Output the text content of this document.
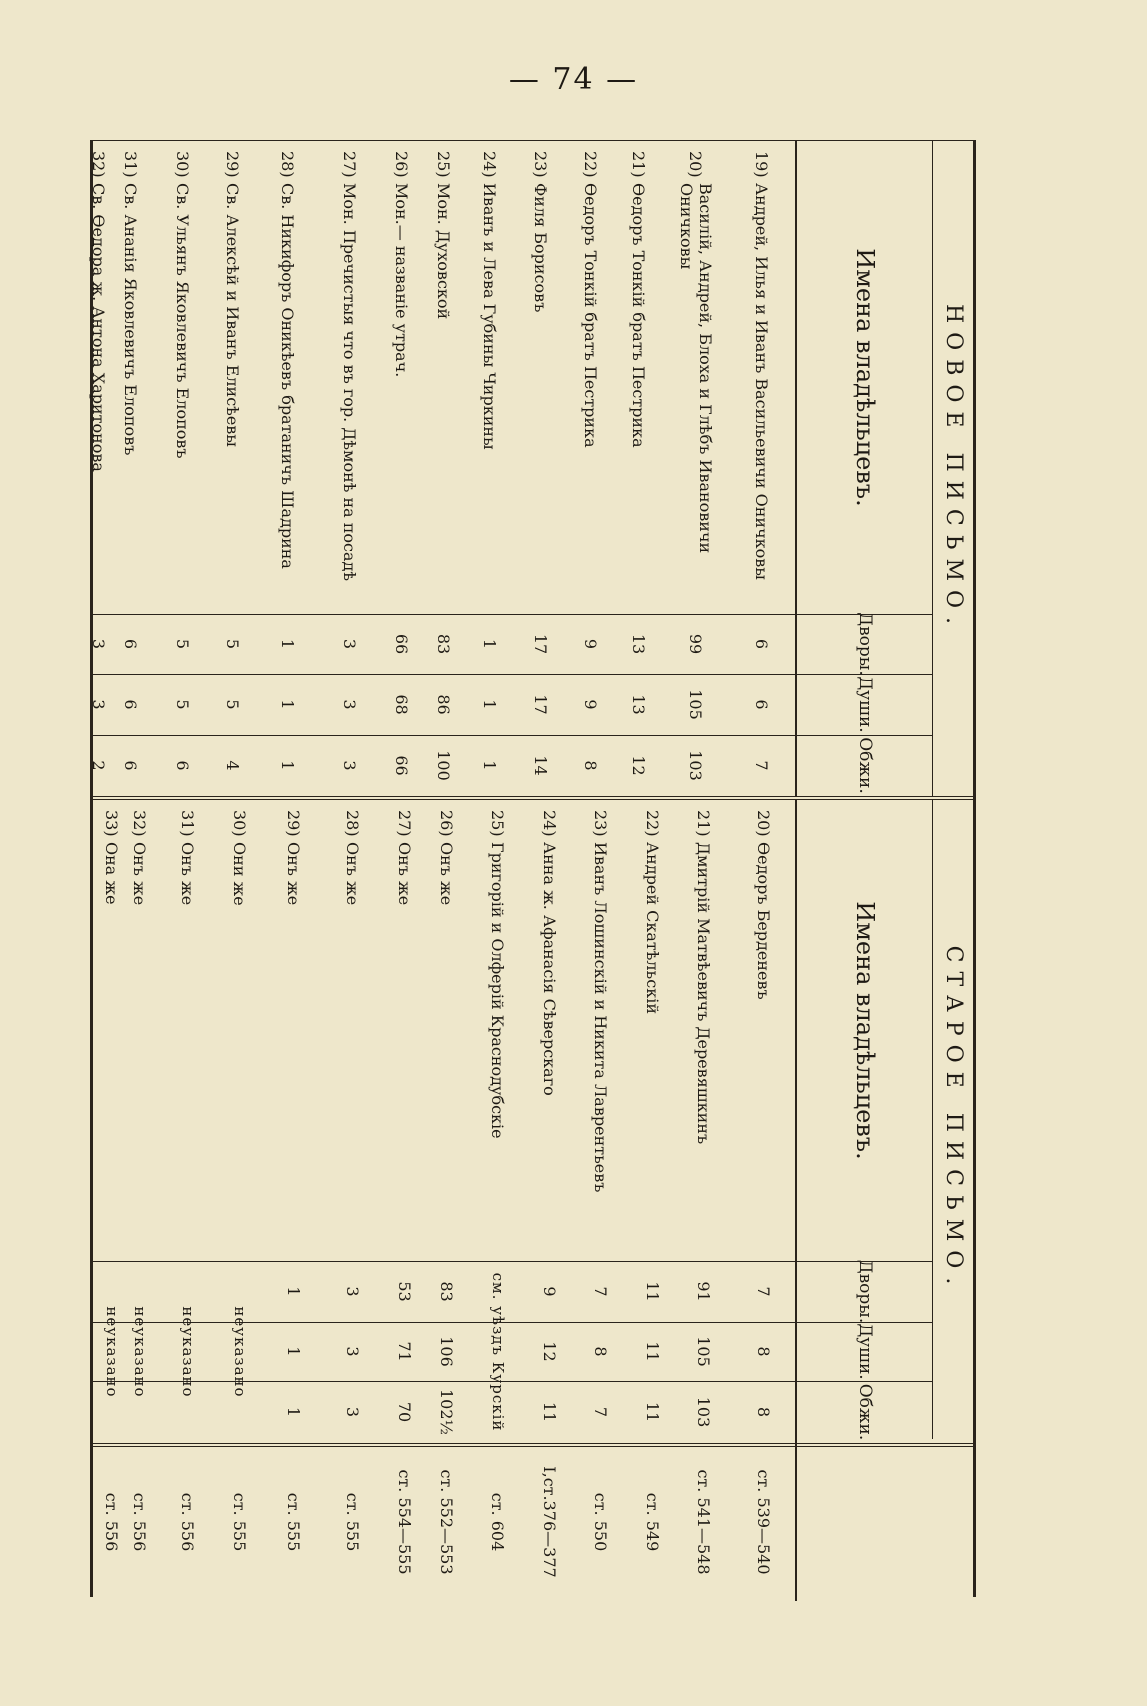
— 74 —
НОВОЕ ПИСЬМО.
Имена владѣльцевъ.
Дворы.
Души.
Обжи.
19)
Андрей, Илья и Иванъ Васильевичи Оничковы
6
6
7
20)
Василій, Андрей, Блоха и Глѣбъ Ивановичи Оничковы
99
105
103
21)
Ѳедоръ Тонкій братъ Пестрика
13
13
12
22)
Ѳедоръ Тонкій братъ Пестрика
9
9
8
23)
Филя Борисовъ
17
17
14
24)
Иванъ и Лева Губины Чиркины
1
1
1
25)
Мон. Духовской
83
86
100
26)
Мон.— названіе утрач.
66
68
66
27)
Мон. Пречистыя что въ гор. Дѣмонѣ на посадѣ
3
3
3
28)
Св. Никифоръ Оникѣевъ братаничъ Шадрина
1
1
1
29)
Св. Алексѣй и Иванъ Елисѣевы
5
5
4
30)
Св. Ульянъ Яковлевичъ Елоповъ
5
5
6
31)
Св. Ананія Яковлевичъ Елоповъ
6
6
6
32)
Св. Ѳедора ж. Антона Харитонова
3
3
2
СТАРОЕ ПИСЬМО.
Имена владѣльцевъ.
Дворы.
Души.
Обжи.
20)
Ѳедоръ Берденевъ
7
8
8
ст. 539—540
21)
Дмитрій Матвѣевичъ Деревяшкинъ
91
105
103
ст. 541—548
22)
Андрей Скатѣльскій
11
11
11
ст. 549
23)
Иванъ Лошинскій и Никита Лаврентьевъ
7
8
7
ст. 550
24)
Анна ж. Афанасія Сѣверскаго
9
12
11
I,ст.376—377
25)
Григорій и Олферій Краснодубскіе
см. уѣздъ Курскій
ст. 604
26)
Онъ же
83
106
102½
ст. 552—553
27)
Онъ же
53
71
70
ст. 554—555
28)
Онъ же
3
3
3
ст. 555
29)
Онъ же
1
1
1
ст. 555
30)
Они же
неуказано
ст. 555
31)
Онъ же
неуказано
ст. 556
32)
Онъ же
неуказано
ст. 556
33)
Она же
неуказано
ст. 556
